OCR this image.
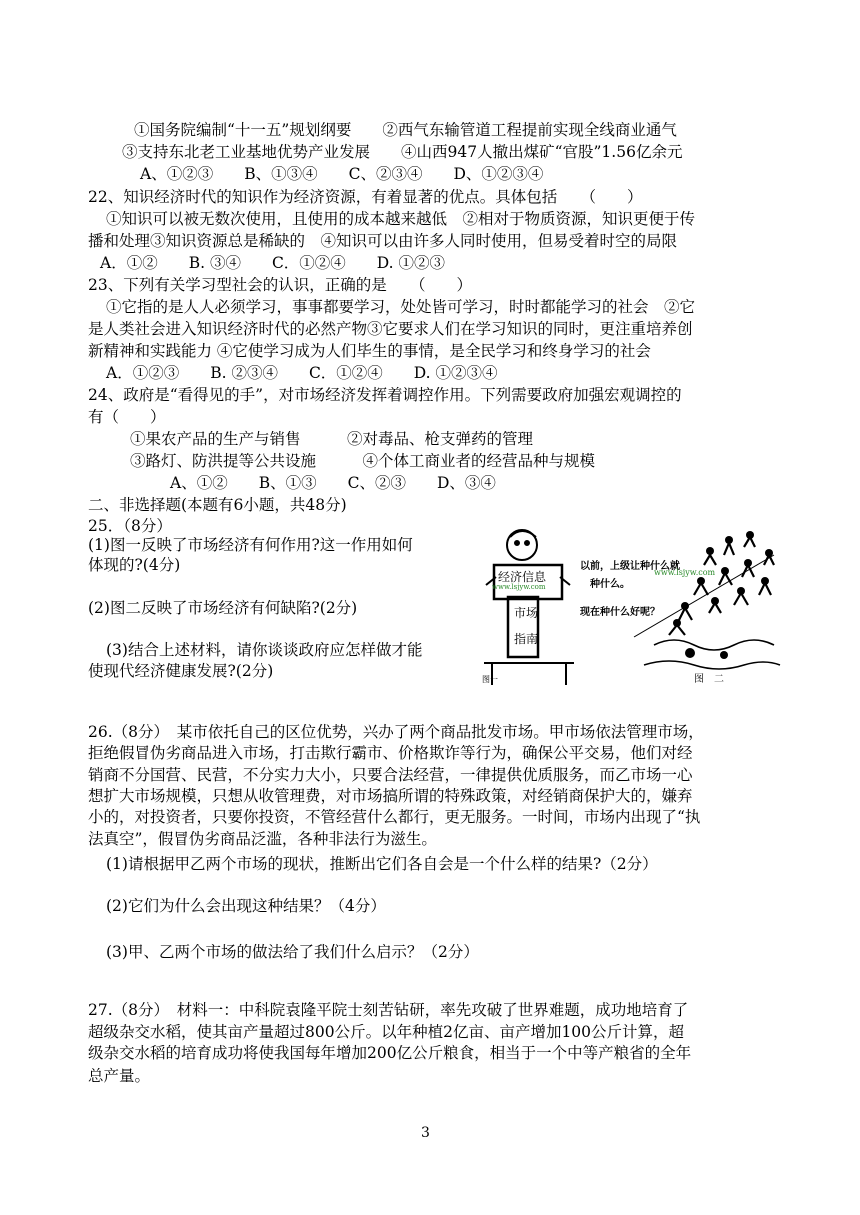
①国务院编制“十一五”规划纲要　　②西气东输管道工程提前实现全线商业通气
③支持东北老工业基地优势产业发展　　④山西947人撤出煤矿“官股”1.56亿余元
A、①②③　　B、①③④　　C、②③④　　D、①②③④
22、知识经济时代的知识作为经济资源，有着显著的优点。具体包括　　（　　）
①知识可以被无数次使用，且使用的成本越来越低　②相对于物质资源，知识更便于传
播和处理③知识资源总是稀缺的　④知识可以由许多人同时使用，但易受着时空的局限
A．①②　　B. ③④　　C．①②④　　D. ①②③
23、下列有关学习型社会的认识，正确的是　　（　　）
①它指的是人人必须学习，事事都要学习，处处皆可学习，时时都能学习的社会　②它
是人类社会进入知识经济时代的必然产物③它要求人们在学习知识的同时，更注重培养创
新精神和实践能力 ④它使学习成为人们毕生的事情，是全民学习和终身学习的社会
A．①②③　　B. ②③④　　C．①②④　　D. ①②③④
24、政府是“看得见的手”，对市场经济发挥着调控作用。下列需要政府加强宏观调控的
有（　　）
①果农产品的生产与销售　　　②对毒品、枪支弹药的管理
③路灯、防洪提等公共设施　　　④个体工商业者的经营品种与规模
A、①②　　B、①③　　C、②③　　D、③④
二、非选择题(本题有6小题，共48分)
25．（8分）
(1)图一反映了市场经济有何作用?这一作用如何
体现的?(4分)
(2)图二反映了市场经济有何缺陷?(2分)
(3)结合上述材料，请你谈谈政府应怎样做才能
使现代经济健康发展?(2分)
26.（8分）　某市依托自己的区位优势，兴办了两个商品批发市场。甲市场依法管理市场，
拒绝假冒伪劣商品进入市场，打击欺行霸市、价格欺诈等行为，确保公平交易，他们对经
销商不分国营、民营，不分实力大小，只要合法经营，一律提供优质服务，而乙市场一心
想扩大市场规模，只想从收管理费，对市场搞所谓的特殊政策，对经销商保护大的，嫌弃
小的，对投资者，只要你投资，不管经营什么都行，更无服务。一时间，市场内出现了“执
法真空”，假冒伪劣商品泛滥，各种非法行为滋生。
(1)请根据甲乙两个市场的现状，推断出它们各自会是一个什么样的结果?（2分）
(2)它们为什么会出现这种结果？（4分）
(3)甲、乙两个市场的做法给了我们什么启示？（2分）
27.（8分）　材料一：中科院袁隆平院士刻苦钻研，率先攻破了世界难题，成功地培育了
超级杂交水稻，使其亩产量超过800公斤。以年种植2亿亩、亩产增加100公斤计算，超
级杂交水稻的培育成功将使我国每年增加200亿公斤粮食，相当于一个中等产粮省的全年
总产量。
经济信息
市场
指南
www.lsjyw.com
图一
以前，上级让种什么就
种什么。
现在种什么好呢？
www.lsjyw.com
图　二
3
